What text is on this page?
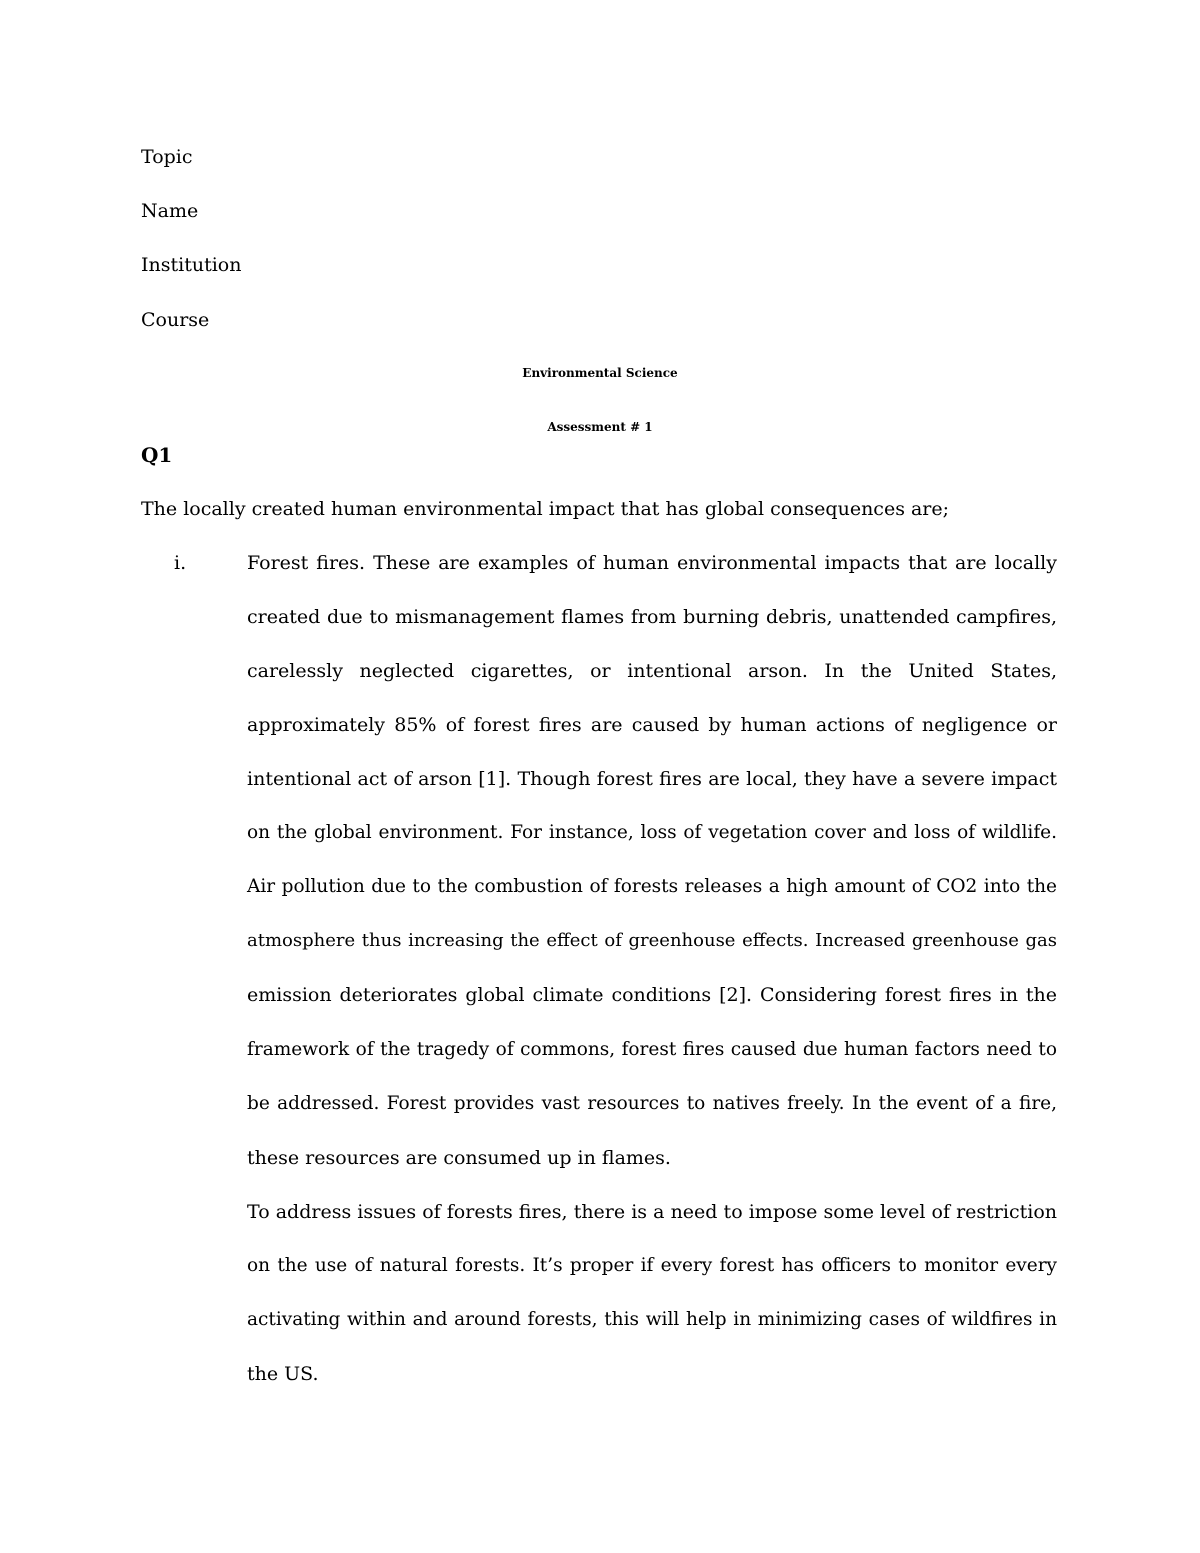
Topic
Name
Institution
Course
Environmental Science
Assessment # 1
Q1
The locally created human environmental impact that has global consequences are;
i.	Forest fires. These are examples of human environmental impacts that are locally
created due to mismanagement flames from burning debris, unattended campfires,
carelessly neglected cigarettes, or intentional arson. In the United States,
approximately 85% of forest fires are caused by human actions of negligence or
intentional act of arson [1]. Though forest fires are local, they have a severe impact
on the global environment. For instance, loss of vegetation cover and loss of wildlife.
Air pollution due to the combustion of forests releases a high amount of CO2 into the
atmosphere thus increasing the effect of greenhouse effects. Increased greenhouse gas
emission deteriorates global climate conditions [2]. Considering forest fires in the
framework of the tragedy of commons, forest fires caused due human factors need to
be addressed. Forest provides vast resources to natives freely. In the event of a fire,
these resources are consumed up in flames.
To address issues of forests fires, there is a need to impose some level of restriction
on the use of natural forests. It’s proper if every forest has officers to monitor every
activating within and around forests, this will help in minimizing cases of wildfires in
the US.
